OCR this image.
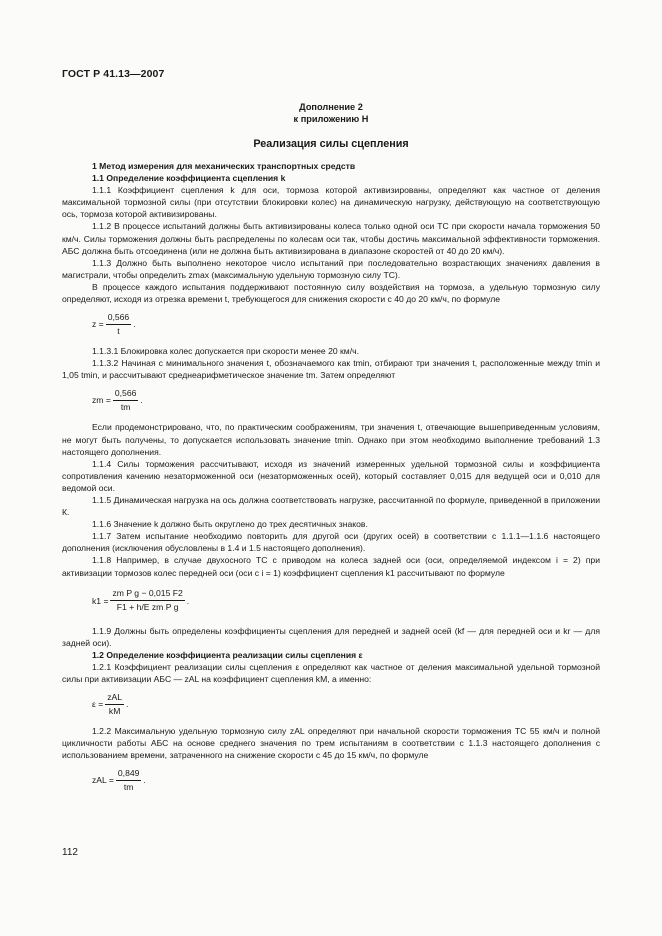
ГОСТ Р 41.13—2007
Дополнение 2
к приложению Н
Реализация силы сцепления

1 Метод измерения для механических транспортных средств

1.1 Определение коэффициента сцепления k

1.1.1 Коэффициент сцепления k для оси, тормоза которой активизированы, определяют как частное от деления максимальной тормозной силы (при отсутствии блокировки колес) на динамическую нагрузку, действующую на соответствующую ось, тормоза которой активизированы.

1.1.2 В процессе испытаний должны быть активизированы колеса только одной оси ТС при скорости начала торможения 50 км/ч. Силы торможения должны быть распределены по колесам оси так, чтобы достичь максимальной эффективности торможения. АБС должна быть отсоединена (или не должна быть активизирована в диапазоне скоростей от 40 до 20 км/ч).

1.1.3 Должно быть выполнено некоторое число испытаний при последовательно возрастающих значениях давления в магистрали, чтобы определить zmax (максимальную удельную тормозную силу ТС).

В процессе каждого испытания поддерживают постоянную силу воздействия на тормоза, а удельную тормозную силу определяют, исходя из отрезка времени t, требующегося для снижения скорости с 40 до 20 км/ч, по формуле

$z = \frac{0,566}{t}$ .

1.1.3.1 Блокировка колес допускается при скорости менее 20 км/ч.

1.1.3.2 Начиная с минимального значения t, обозначаемого как tmin, отбирают три значения t, расположенные между tmin и 1,05 tmin, и рассчитывают среднеарифметическое значение tm. Затем определяют

zm = $\frac{0,566}{tm}$ .

Если продемонстрировано, что, по практическим соображениям, три значения t, отвечающие вышеприведенным условиям, не могут быть получены, то допускается использовать значение tmin. Однако при этом необходимо выполнение требований 1.3 настоящего дополнения.

1.1.4 Силы торможения рассчитывают, исходя из значений измеренных удельной тормозной силы и коэффициента сопротивления качению незаторможенной оси (незаторможенных осей), который составляет 0,015 для ведущей оси и 0,010 для ведомой оси.

1.1.5 Динамическая нагрузка на ось должна соответствовать нагрузке, рассчитанной по формуле, приведенной в приложении К.

1.1.6 Значение k должно быть округлено до трех десятичных знаков.

1.1.7 Затем испытание необходимо повторить для другой оси (других осей) в соответствии с 1.1.1—1.1.6 настоящего дополнения (исключения обусловлены в 1.4 и 1.5 настоящего дополнения).

1.1.8 Например, в случае двухосного ТС с приводом на колеса задней оси (оси, определяемой индексом i = 2) при активизации тормозов колес передней оси (оси с i = 1) коэффициент сцепления k1 рассчитывают по формуле

$k1 = \frac{\text{zm P g − 0,015 F2}}{\text{F1 + h/E zm P g}}$ .

1.1.9 Должны быть определены коэффициенты сцепления для передней и задней осей (kf — для передней оси и kr — для задней оси).

1.2 Определение коэффициента реализации силы сцепления ε

1.2.1 Коэффициент реализации силы сцепления ε определяют как частное от деления максимальной удельной тормозной силы при активизации АБС — zAL на коэффициент сцепления kM, а именно:

$\varepsilon = \frac{\text{zAL}}{kM}$ .

1.2.2 Максимальную удельную тормозную силу zAL определяют при начальной скорости торможения ТС 55 км/ч и полной цикличности работы АБС на основе среднего значения по трем испытаниям в соответствии с 1.1.3 настоящего дополнения с использованием времени, затраченного на снижение скорости с 45 до 15 км/ч, по формуле

zAL = $\frac{0,849}{tm}$ .
112
